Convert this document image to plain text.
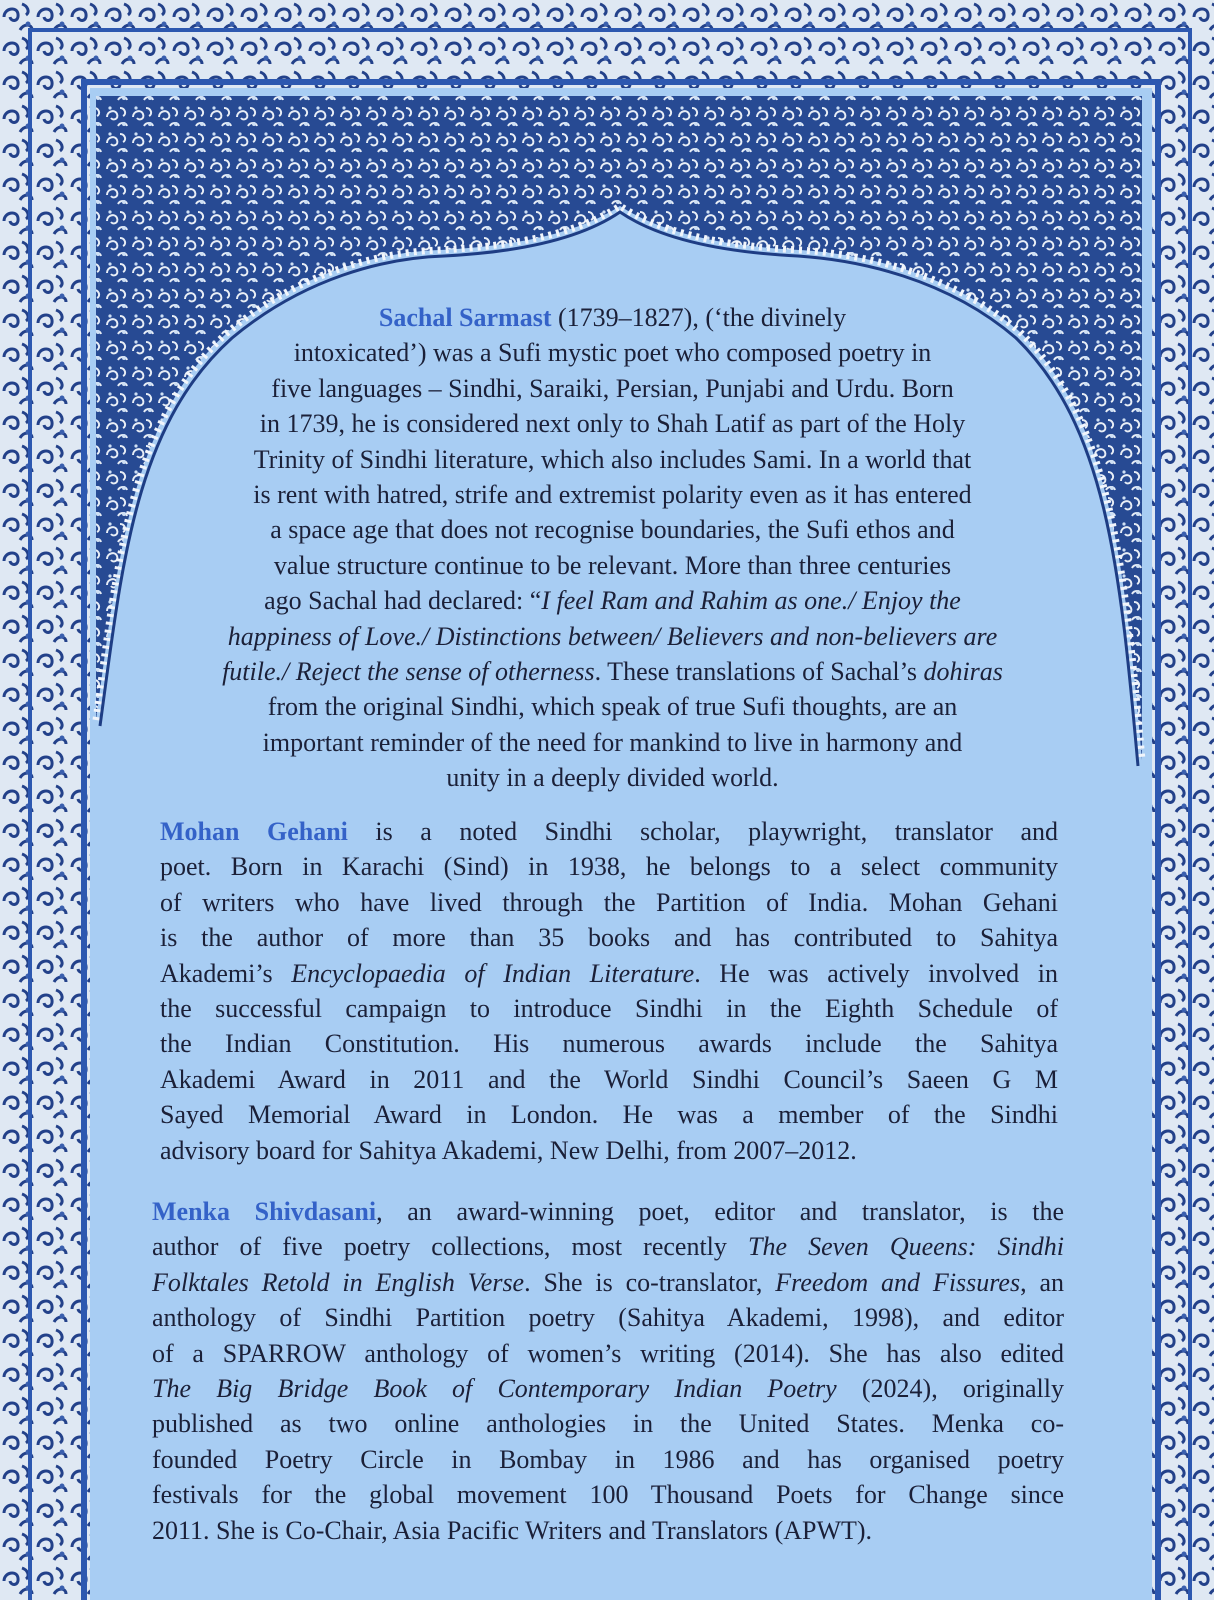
Sachal Sarmast (1739–1827), (‘the divinely
intoxicated’) was a Sufi mystic poet who composed poetry in
five languages – Sindhi, Saraiki, Persian, Punjabi and Urdu. Born
in 1739, he is considered next only to Shah Latif as part of the Holy
Trinity of Sindhi literature, which also includes Sami. In a world that
is rent with hatred, strife and extremist polarity even as it has entered
a space age that does not recognise boundaries, the Sufi ethos and
value structure continue to be relevant. More than three centuries
ago Sachal had declared: “I feel Ram and Rahim as one./ Enjoy the
happiness of Love./ Distinctions between/ Believers and non-believers are
futile./ Reject the sense of otherness. These translations of Sachal’s dohiras
from the original Sindhi, which speak of true Sufi thoughts, are an
important reminder of the need for mankind to live in harmony and
unity in a deeply divided world.
Mohan Gehani is a noted Sindhi scholar, playwright, translator and
poet. Born in Karachi (Sind) in 1938, he belongs to a select community
of writers who have lived through the Partition of India. Mohan Gehani
is the author of more than 35 books and has contributed to Sahitya
Akademi’s Encyclopaedia of Indian Literature. He was actively involved in
the successful campaign to introduce Sindhi in the Eighth Schedule of
the Indian Constitution. His numerous awards include the Sahitya
Akademi Award in 2011 and the World Sindhi Council’s Saeen G M
Sayed Memorial Award in London. He was a member of the Sindhi
advisory board for Sahitya Akademi, New Delhi, from 2007–2012.
Menka Shivdasani, an award-winning poet, editor and translator, is the
author of five poetry collections, most recently The Seven Queens: Sindhi
Folktales Retold in English Verse. She is co-translator, Freedom and Fissures, an
anthology of Sindhi Partition poetry (Sahitya Akademi, 1998), and editor
of a SPARROW anthology of women’s writing (2014). She has also edited
The Big Bridge Book of Contemporary Indian Poetry (2024), originally
published as two online anthologies in the United States. Menka co-
founded Poetry Circle in Bombay in 1986 and has organised poetry
festivals for the global movement 100 Thousand Poets for Change since
2011. She is Co-Chair, Asia Pacific Writers and Translators (APWT).
